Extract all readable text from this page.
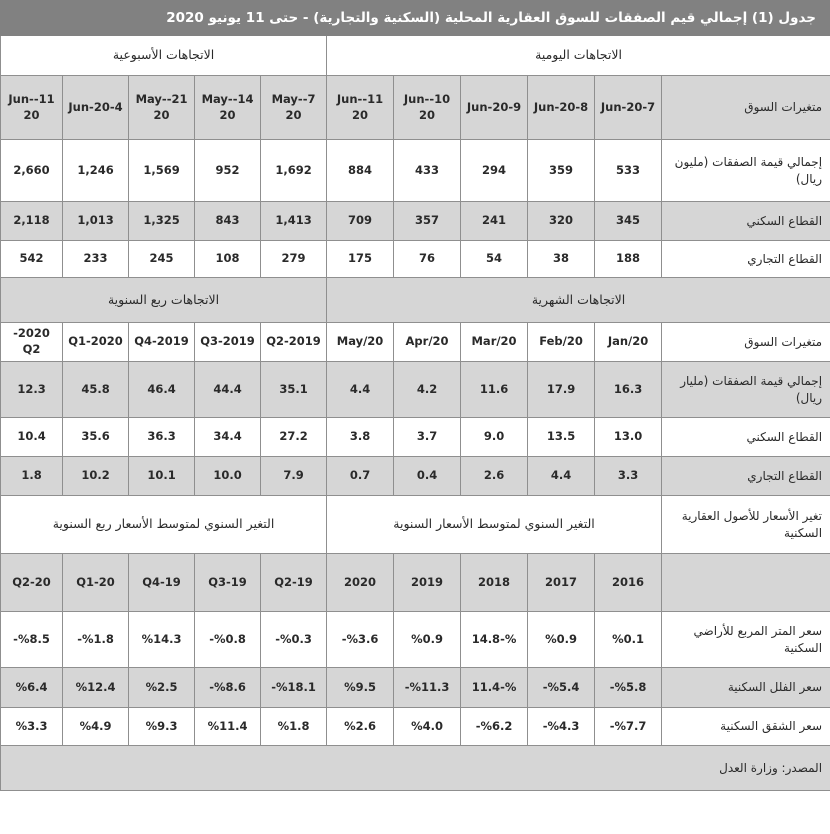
جدول (1) إجمالي قيم الصفقات للسوق العقارية المحلية (السكنية والتجارية) - حتى 11 يونيو 2020										
الاتجاهات اليومية						الاتجاهات الأسبوعية				
متغيرات السوق	7-Jun-20	8-Jun-20	9-Jun-20	10-Jun-20	11-Jun-20	7-May-20	14-May-20	21-May-20	4-Jun-20	11-Jun-20
إجمالي قيمة الصفقات (مليون ريال)	533	359	294	433	884	1,692	952	1,569	1,246	2,660
القطاع السكني	345	320	241	357	709	1,413	843	1,325	1,013	2,118
القطاع التجاري	188	38	54	76	175	279	108	245	233	542
الاتجاهات الشهرية						الاتجاهات ربع السنوية				
متغيرات السوق	Jan/20	Feb/20	Mar/20	Apr/20	May/20	2019-Q2	2019-Q3	2019-Q4	2020-Q1	2020-Q2
إجمالي قيمة الصفقات (مليار ريال)	16.3	17.9	11.6	4.2	4.4	35.1	44.4	46.4	45.8	12.3
القطاع السكني	13.0	13.5	9.0	3.7	3.8	27.2	34.4	36.3	35.6	10.4
القطاع التجاري	3.3	4.4	2.6	0.4	0.7	7.9	10.0	10.1	10.2	1.8
تغير الأسعار للأصول العقارية السكنية	التغير السنوي لمتوسط الأسعار السنوية					التغير السنوي لمتوسط الأسعار ربع السنوية				
	2016	2017	2018	2019	2020	19-Q2	19-Q3	19-Q4	20-Q1	20-Q2
سعر المتر المربع للأراضي السكنية	%0.1	%0.9	%-14.8	%0.9	%3.6-	%0.3-	%0.8-	%14.3	%1.8-	%8.5-
سعر الفلل السكنية	%5.8-	%5.4-	%-11.4	%11.3-	%9.5	%18.1-	%8.6-	%2.5	%12.4	%6.4
سعر الشقق السكنية	%7.7-	%4.3-	%6.2-	%4.0	%2.6	%1.8	%11.4	%9.3	%4.9	%3.3
المصدر: وزارة العدل										
